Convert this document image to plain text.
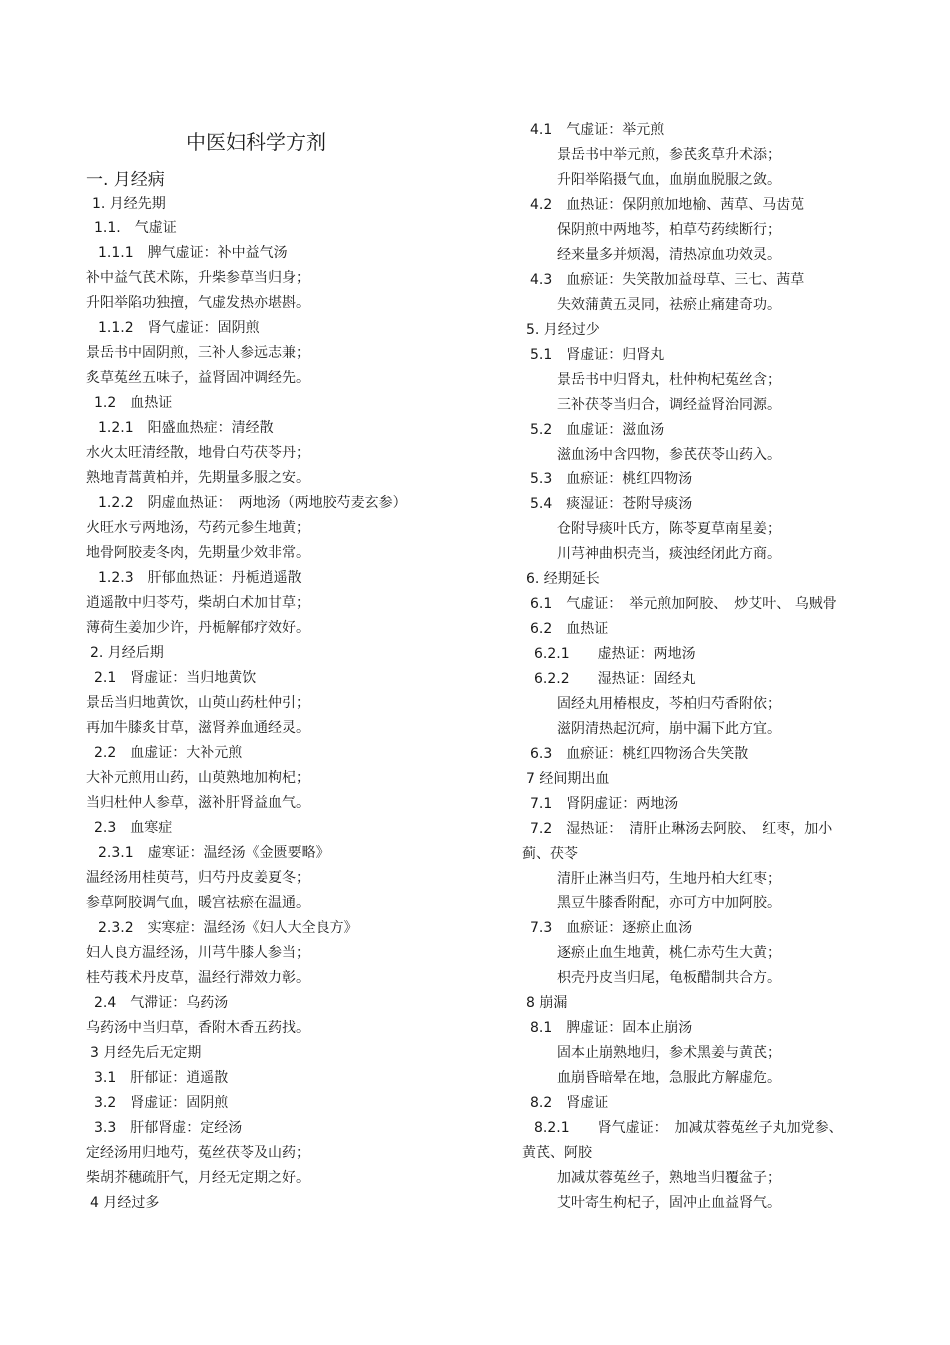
中医妇科学方剂
一. 月经病
1. 月经先期
1.1.　气虚证
1.1.1　脾气虚证：补中益气汤
补中益气芪术陈，升柴参草当归身；
升阳举陷功独擅，气虚发热亦堪斟。
1.1.2　肾气虚证：固阴煎
景岳书中固阴煎，三补人参远志兼；
炙草菟丝五味子，益肾固冲调经先。
1.2　血热证
1.2.1　阳盛血热症：清经散
水火太旺清经散，地骨白芍茯苓丹；
熟地青蒿黄柏并，先期量多服之安。
1.2.2　阴虚血热证：　两地汤（两地胶芍麦玄参）
火旺水亏两地汤，芍药元参生地黄；
地骨阿胶麦冬肉，先期量少效非常。
1.2.3　肝郁血热证：丹栀逍遥散
逍遥散中归苓芍，柴胡白术加甘草；
薄荷生姜加少许，丹栀解郁疗效好。
2. 月经后期
2.1　肾虚证：当归地黄饮
景岳当归地黄饮，山萸山药杜仲引；
再加牛膝炙甘草，滋肾养血通经灵。
2.2　血虚证：大补元煎
大补元煎用山药，山萸熟地加枸杞；
当归杜仲人参草，滋补肝肾益血气。
2.3　血寒症
2.3.1　虚寒证：温经汤《金匮要略》
温经汤用桂萸芎，归芍丹皮姜夏冬；
参草阿胶调气血，暖宫祛瘀在温通。
2.3.2　实寒症：温经汤《妇人大全良方》
妇人良方温经汤，川芎牛膝人参当；
桂芍莪术丹皮草，温经行滞效力彰。
2.4　气滞证：乌药汤
乌药汤中当归草，香附木香五药找。
3 月经先后无定期
3.1　肝郁证：逍遥散
3.2　肾虚证：固阴煎
3.3　肝郁肾虚：定经汤
定经汤用归地芍，菟丝茯苓及山药；
柴胡芥穗疏肝气，月经无定期之好。
4 月经过多
4.1　气虚证：举元煎
景岳书中举元煎，参芪炙草升术添；
升阳举陷摄气血，血崩血脱服之敛。
4.2　血热证：保阴煎加地榆、茜草、马齿苋
保阴煎中两地芩，柏草芍药续断行；
经来量多并烦渴，清热凉血功效灵。
4.3　血瘀证：失笑散加益母草、三七、茜草
失效蒲黄五灵同，祛瘀止痛建奇功。
5. 月经过少
5.1　肾虚证：归肾丸
景岳书中归肾丸，杜仲枸杞菟丝含；
三补茯苓当归合，调经益肾治同源。
5.2　血虚证：滋血汤
滋血汤中含四物，参芪茯苓山药入。
5.3　血瘀证：桃红四物汤
5.4　痰湿证：苍附导痰汤
仓附导痰叶氏方，陈苓夏草南星姜；
川芎神曲枳壳当，痰浊经闭此方商。
6. 经期延长
6.1　气虚证：　举元煎加阿胶、　炒艾叶、 乌贼骨
6.2　血热证
6.2.1　　虚热证：两地汤
6.2.2　　湿热证：固经丸
固经丸用椿根皮，芩柏归芍香附依；
滋阴清热起沉疴，崩中漏下此方宜。
6.3　血瘀证：桃红四物汤合失笑散
7 经间期出血
7.1　肾阴虚证：两地汤
7.2　湿热证：　清肝止琳汤去阿胶、　红枣，加小
蓟、茯苓
清肝止淋当归芍，生地丹柏大红枣；
黑豆牛膝香附配，亦可方中加阿胶。
7.3　血瘀证：逐瘀止血汤
逐瘀止血生地黄，桃仁赤芍生大黄；
枳壳丹皮当归尾，龟板醋制共合方。
8 崩漏
8.1　脾虚证：固本止崩汤
固本止崩熟地归，参术黑姜与黄芪；
血崩昏暗晕在地，急服此方解虚危。
8.2　肾虚证
8.2.1　　肾气虚证：　加减苁蓉菟丝子丸加党参、
黄芪、阿胶
加减苁蓉菟丝子，熟地当归覆盆子；
艾叶寄生枸杞子，固冲止血益肾气。
